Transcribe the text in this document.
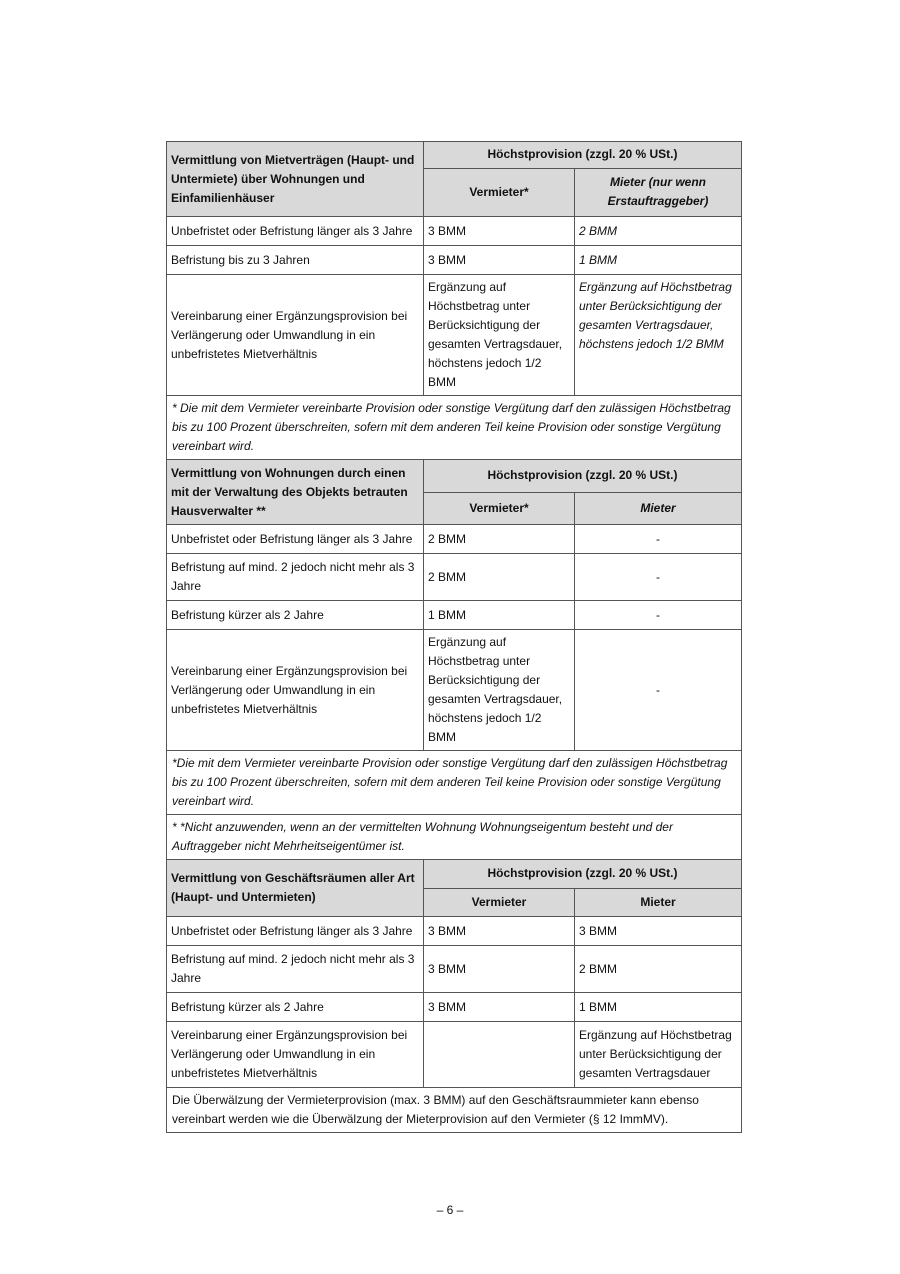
Vermittlung von Mietverträgen (Haupt- und Untermiete) über Wohnungen und Einfamilienhäuser	Höchstprovision (zzgl. 20 % USt.)	
	Vermieter*	Mieter (nur wenn Erstauftraggeber)
Unbefristet oder Befristung länger als 3 Jahre	3 BMM	2 BMM
Befristung bis zu 3 Jahren	3 BMM	1 BMM
Vereinbarung einer Ergänzungsprovision bei Verlängerung oder Umwandlung in ein unbefristetes Mietverhältnis	Ergänzung auf Höchstbetrag unter Berücksichtigung der gesamten Vertragsdauer, höchstens jedoch 1/2 BMM	Ergänzung auf Höchstbetrag unter Berücksichtigung der gesamten Vertragsdauer, höchstens jedoch 1/2 BMM
* Die mit dem Vermieter vereinbarte Provision oder sonstige Vergütung darf den zulässigen Höchstbetrag bis zu 100 Prozent überschreiten, sofern mit dem anderen Teil keine Provision oder sonstige Vergütung vereinbart wird.		
Vermittlung von Wohnungen durch einen mit der Verwaltung des Objekts betrauten Hausverwalter **	Höchstprovision (zzgl. 20 % USt.)	
	Vermieter*	Mieter
Unbefristet oder Befristung länger als 3 Jahre	2 BMM	-
Befristung auf mind. 2 jedoch nicht mehr als 3 Jahre	2 BMM	-
Befristung kürzer als 2 Jahre	1 BMM	-
Vereinbarung einer Ergänzungsprovision bei Verlängerung oder Umwandlung in ein unbefristetes Mietverhältnis	Ergänzung auf Höchstbetrag unter Berücksichtigung der gesamten Vertragsdauer, höchstens jedoch 1/2 BMM	-
*Die mit dem Vermieter vereinbarte Provision oder sonstige Vergütung darf den zulässigen Höchstbetrag bis zu 100 Prozent überschreiten, sofern mit dem anderen Teil keine Provision oder sonstige Vergütung vereinbart wird.		
* *Nicht anzuwenden, wenn an der vermittelten Wohnung Wohnungseigentum besteht und der Auftraggeber nicht Mehrheitseigentümer ist.		
Vermittlung von Geschäftsräumen aller Art (Haupt- und Untermieten)	Höchstprovision (zzgl. 20 % USt.)	
	Vermieter	Mieter
Unbefristet oder Befristung länger als 3 Jahre	3 BMM	3 BMM
Befristung auf mind. 2 jedoch nicht mehr als 3 Jahre	3 BMM	2 BMM
Befristung kürzer als 2 Jahre	3 BMM	1 BMM
Vereinbarung einer Ergänzungsprovision bei Verlängerung oder Umwandlung in ein unbefristetes Mietverhältnis		Ergänzung auf Höchstbetrag unter Berücksichtigung der gesamten Vertragsdauer
Die Überwälzung der Vermieterprovision (max. 3 BMM) auf den Geschäftsraummieter kann ebenso vereinbart werden wie die Überwälzung der Mieterprovision auf den Vermieter (§ 12 ImmMV).		
– 6 –
